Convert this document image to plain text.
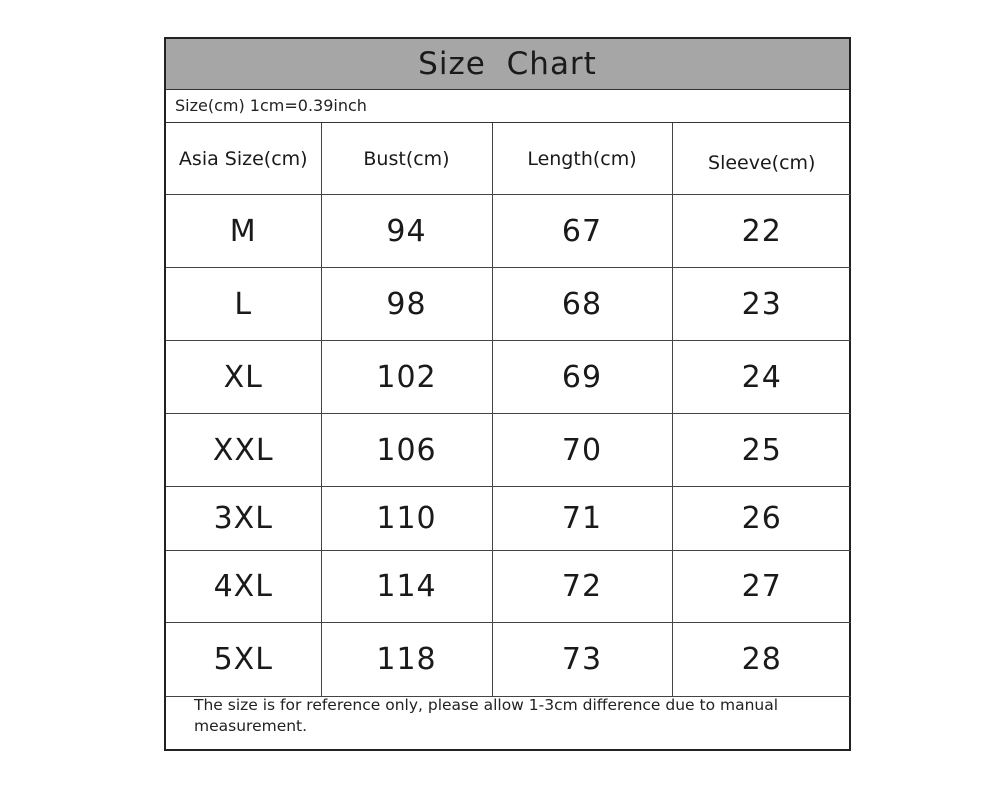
Size Chart
Size(cm) 1cm=0.39inch
Asia Size(cm)	Bust(cm)	Length(cm)	Sleeve(cm)
M	94	67	22
L	98	68	23
XL	102	69	24
XXL	106	70	25
3XL	110	71	26
4XL	114	72	27
5XL	118	73	28
The size is for reference only, please allow 1-3cm difference due to manual measurement.
